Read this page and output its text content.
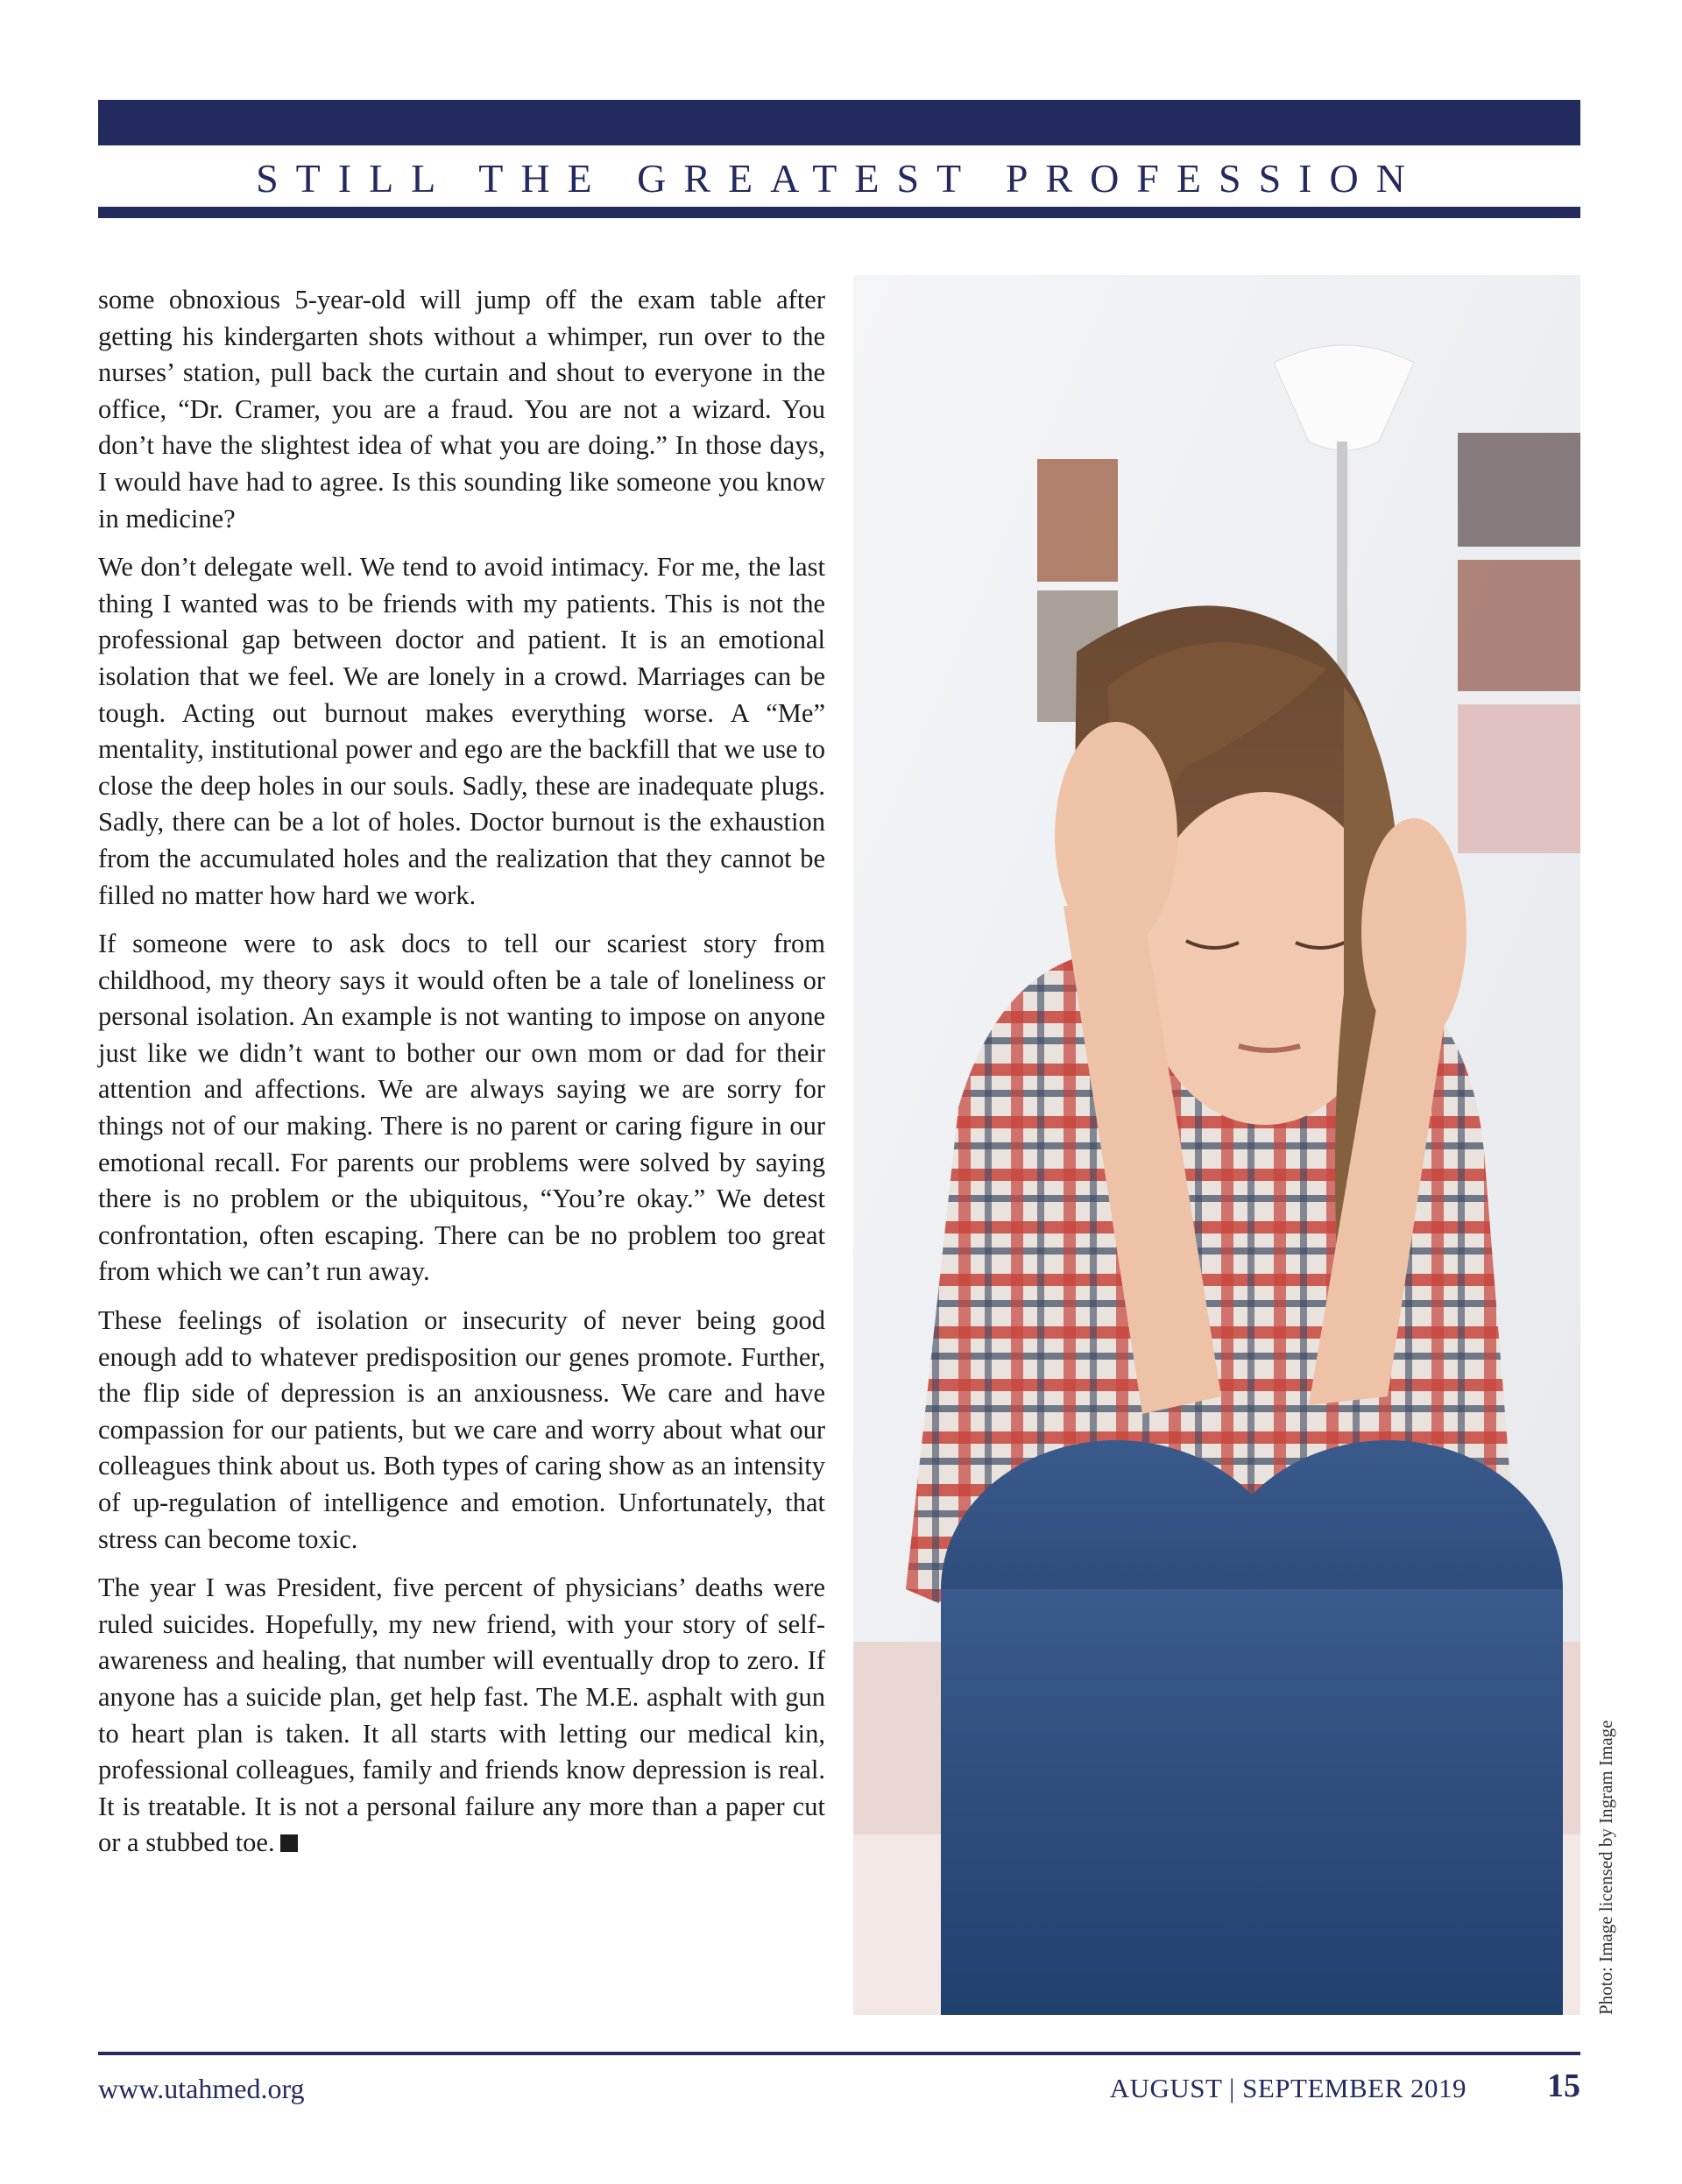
STILL THE GREATEST PROFESSION

some obnoxious 5-year-old will jump off the exam table after getting his kindergarten shots without a whimper, run over to the nurses’ station, pull back the curtain and shout to everyone in the office, “Dr. Cramer, you are a fraud. You are not a wizard. You don’t have the slightest idea of what you are doing.” In those days, I would have had to agree. Is this sounding like someone you know in medicine?

We don’t delegate well. We tend to avoid intimacy. For me, the last thing I wanted was to be friends with my patients. This is not the professional gap between doctor and patient. It is an emotional isolation that we feel. We are lonely in a crowd. Marriages can be tough. Acting out burnout makes everything worse. A “Me” mentality, institutional power and ego are the backfill that we use to close the deep holes in our souls. Sadly, these are inadequate plugs. Sadly, there can be a lot of holes. Doctor burnout is the exhaustion from the accumulated holes and the realization that they cannot be filled no matter how hard we work.

If someone were to ask docs to tell our scariest story from childhood, my theory says it would often be a tale of loneliness or personal isolation. An example is not wanting to impose on anyone just like we didn’t want to bother our own mom or dad for their attention and affections. We are always saying we are sorry for things not of our making. There is no parent or caring figure in our emotional recall. For parents our problems were solved by saying there is no problem or the ubiquitous, “You’re okay.” We detest confrontation, often escaping. There can be no problem too great from which we can’t run away.

These feelings of isolation or insecurity of never being good enough add to whatever predisposition our genes promote. Further, the flip side of depression is an anxiousness. We care and have compassion for our patients, but we care and worry about what our colleagues think about us. Both types of caring show as an intensity of up-regulation of intelligence and emotion. Unfortunately, that stress can become toxic.

The year I was President, five percent of physicians’ deaths were ruled suicides. Hopefully, my new friend, with your story of self-awareness and healing, that number will eventually drop to zero. If anyone has a suicide plan, get help fast. The M.E. asphalt with gun to heart plan is taken. It all starts with letting our medical kin, professional colleagues, family and friends know depression is real. It is treatable. It is not a personal failure any more than a paper cut or a stubbed toe.	Photo: Image licensed by Ingram Image
www.utahmed.org	AUGUST | SEPTEMBER 2019	15
